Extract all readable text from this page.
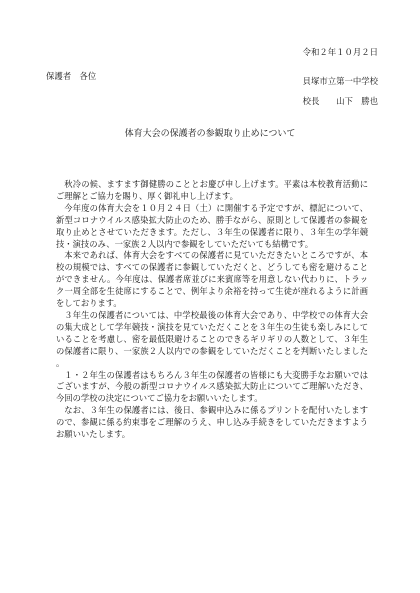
令和２年１０月２日
保護者　各位	貝塚市立第一中学校
校長　　山下　勝也
体育大会の保護者の参観取り止めについて

秋冷の候、ますます御健勝のこととお慶び申し上げます。平素は本校教育活動にご理解とご協力を賜り、厚く御礼申し上げます。

今年度の体育大会を１０月２４日（土）に開催する予定ですが、標記について、新型コロナウイルス感染拡大防止のため、勝手ながら、原則として保護者の参観を取り止めとさせていただきます。ただし、３年生の保護者に限り、３年生の学年競技・演技のみ、一家族２人以内で参観をしていただいても結構です。

本来であれば、体育大会をすべての保護者に見ていただきたいところですが、本校の規模では、すべての保護者に参観していただくと、どうしても密を避けることができません。今年度は、保護者席並びに来賓席等を用意しない代わりに、トラック一周全部を生徒席にすることで、例年より余裕を持って生徒が座れるように計画をしております。

３年生の保護者については、中学校最後の体育大会であり、中学校での体育大会の集大成として学年競技・演技を見ていただくことを３年生の生徒も楽しみにしていることを考慮し、密を最低限避けることのできるギリギリの人数として、３年生の保護者に限り、一家族２人以内での参観をしていただくことを判断いたしました。

１・２年生の保護者はもちろん３年生の保護者の皆様にも大変勝手なお願いではございますが、今般の新型コロナウイルス感染拡大防止についてご理解いただき、今回の学校の決定についてご協力をお願いいたします。

なお、３年生の保護者には、後日、参観申込みに係るプリントを配付いたしますので、参観に係る約束事をご理解のうえ、申し込み手続きをしていただきますようお願いいたします。
